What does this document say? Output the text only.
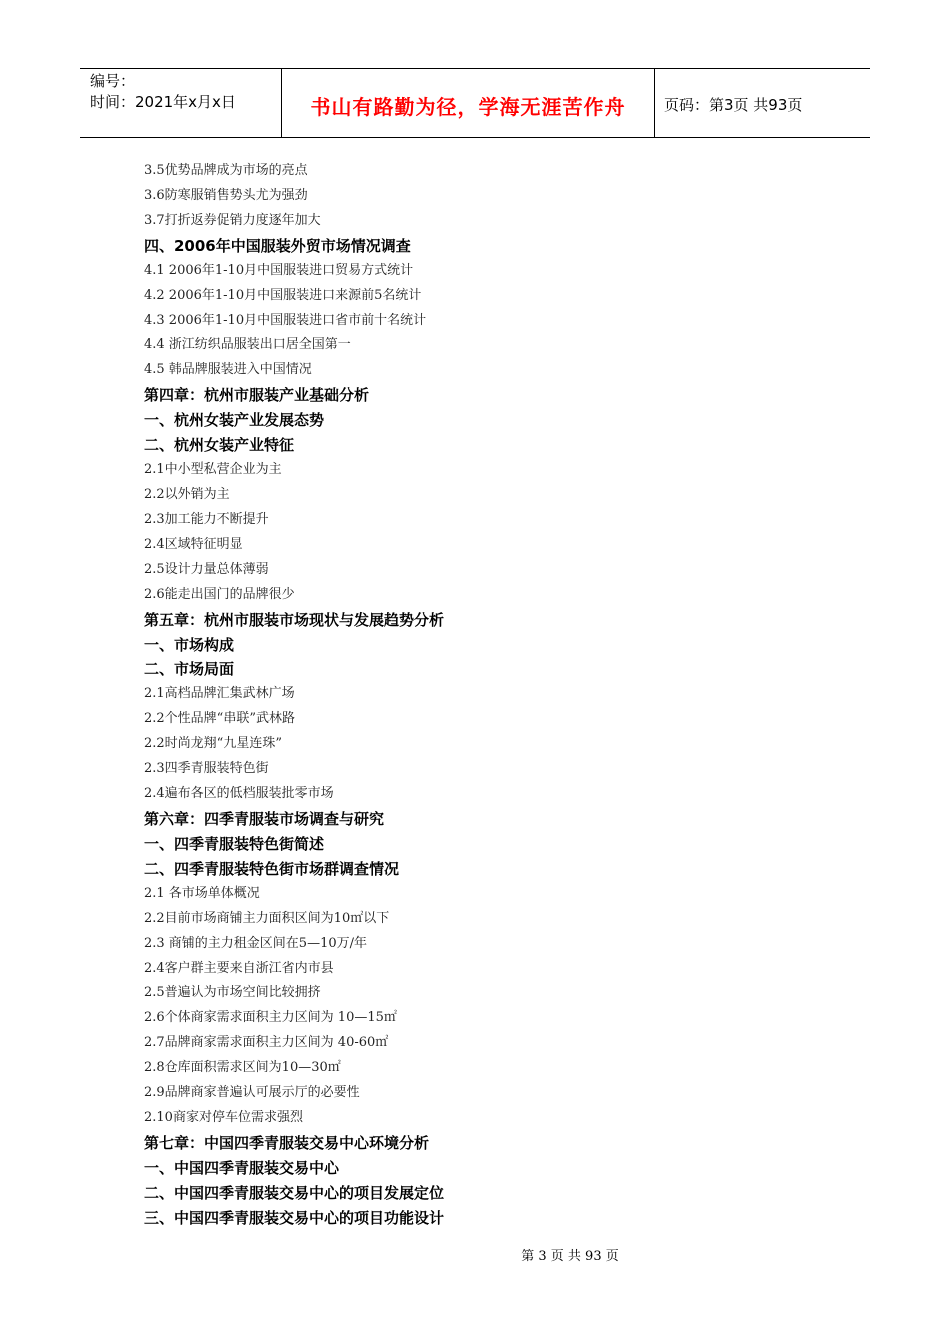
编号：
时间：2021年x月x日	书山有路勤为径，学海无涯苦作舟	页码：第3页 共93页
3.5优势品牌成为市场的亮点
3.6防寒服销售势头尤为强劲
3.7打折返券促销力度逐年加大
四、2006年中国服装外贸市场情况调查
4.1 2006年1-10月中国服装进口贸易方式统计
4.2 2006年1-10月中国服装进口来源前5名统计
4.3 2006年1-10月中国服装进口省市前十名统计
4.4 浙江纺织品服装出口居全国第一
4.5 韩品牌服装进入中国情况
第四章：杭州市服装产业基础分析
一、杭州女装产业发展态势
二、杭州女装产业特征
2.1中小型私营企业为主
2.2以外销为主
2.3加工能力不断提升
2.4区域特征明显
2.5设计力量总体薄弱
2.6能走出国门的品牌很少
第五章：杭州市服装市场现状与发展趋势分析
一、市场构成
二、市场局面
2.1高档品牌汇集武林广场
2.2个性品牌“串联”武林路
2.2时尚龙翔“九星连珠”
2.3四季青服装特色街
2.4遍布各区的低档服装批零市场
第六章：四季青服装市场调查与研究
一、四季青服装特色街简述
二、四季青服装特色街市场群调查情况
2.1 各市场单体概况
2.2目前市场商铺主力面积区间为10㎡以下
2.3 商铺的主力租金区间在5—10万/年
2.4客户群主要来自浙江省内市县
2.5普遍认为市场空间比较拥挤
2.6个体商家需求面积主力区间为 10—15㎡
2.7品牌商家需求面积主力区间为 40-60㎡
2.8仓库面积需求区间为10—30㎡
2.9品牌商家普遍认可展示厅的必要性
2.10商家对停车位需求强烈
第七章：中国四季青服装交易中心环境分析
一、中国四季青服装交易中心
二、中国四季青服装交易中心的项目发展定位
三、中国四季青服装交易中心的项目功能设计
第 3 页 共 93 页
